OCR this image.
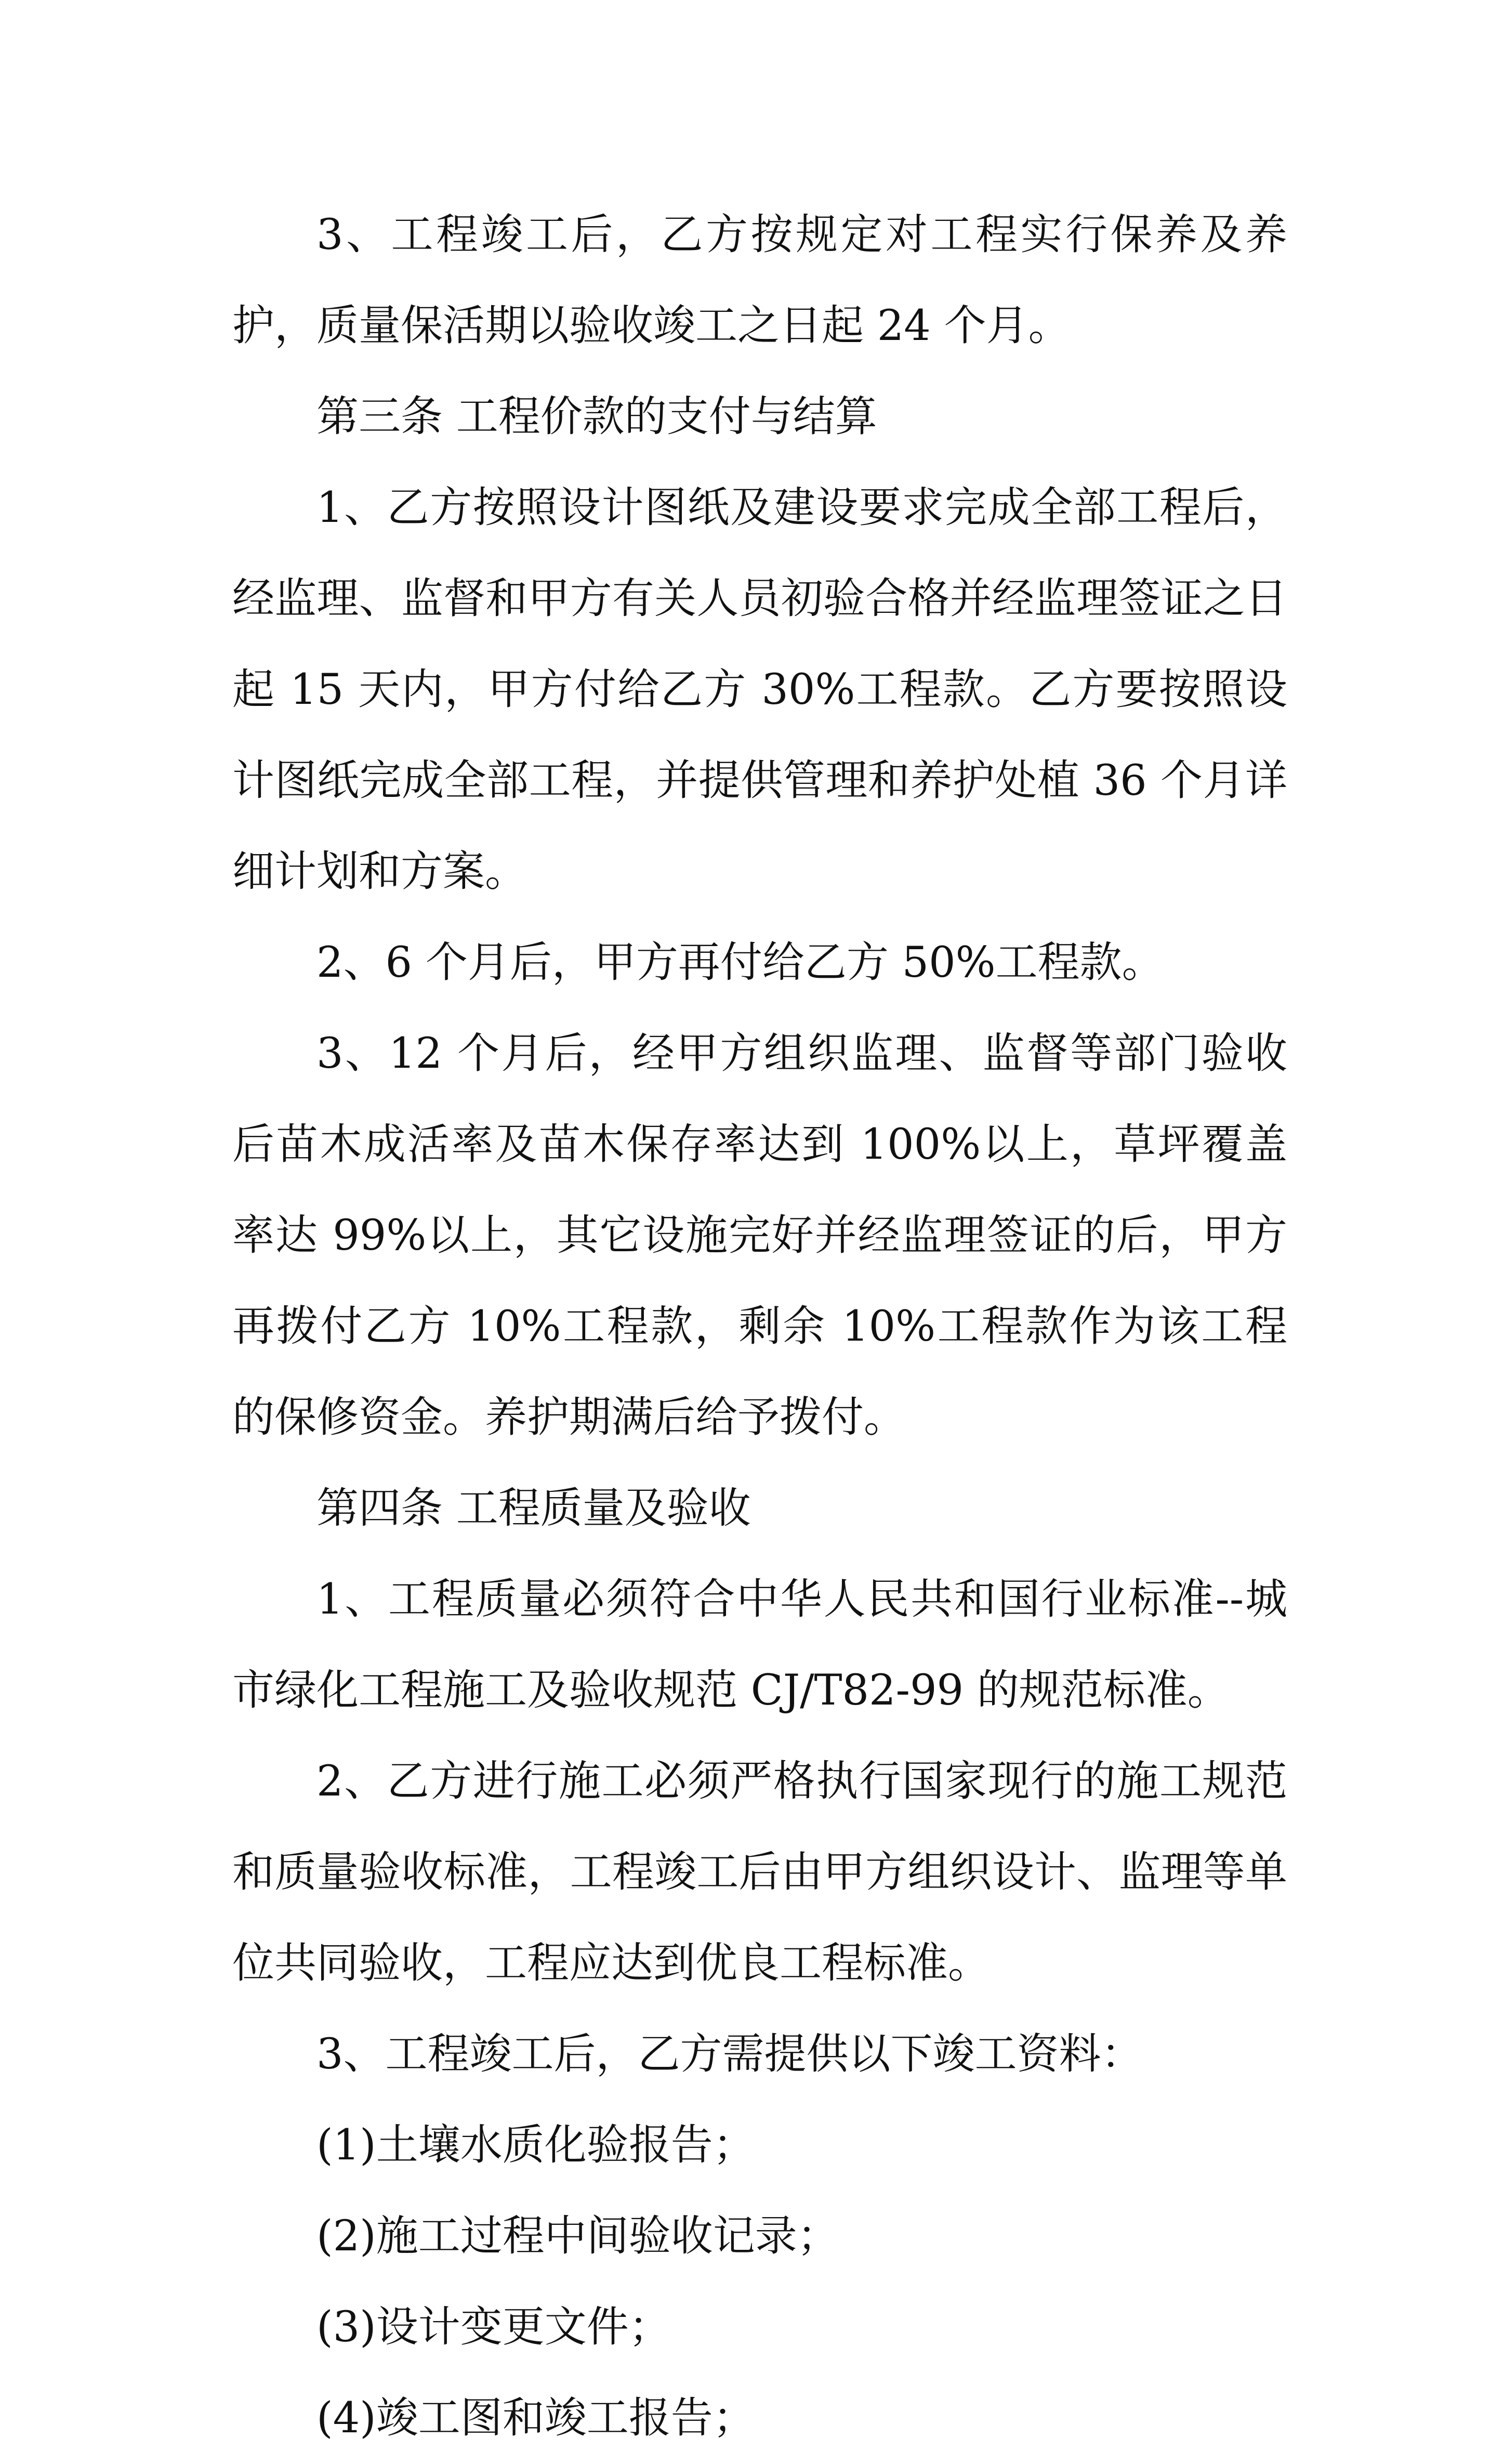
3、工程竣工后，乙方按规定对工程实行保养及养护，质量保活期以验收竣工之日起 24 个月。

第三条 工程价款的支付与结算

1、乙方按照设计图纸及建设要求完成全部工程后，经监理、监督和甲方有关人员初验合格并经监理签证之日起 15 天内，甲方付给乙方 30%工程款。乙方要按照设计图纸完成全部工程，并提供管理和养护处植 36 个月详细计划和方案。

2、6 个月后，甲方再付给乙方 50%工程款。

3、12 个月后，经甲方组织监理、监督等部门验收后苗木成活率及苗木保存率达到 100%以上，草坪覆盖率达 99%以上，其它设施完好并经监理签证的后，甲方再拨付乙方 10%工程款，剩余 10%工程款作为该工程的保修资金。养护期满后给予拨付。

第四条 工程质量及验收

1、工程质量必须符合中华人民共和国行业标准--城市绿化工程施工及验收规范 CJ/T82-99 的规范标准。

2、乙方进行施工必须严格执行国家现行的施工规范和质量验收标准，工程竣工后由甲方组织设计、监理等单位共同验收，工程应达到优良工程标准。

3、工程竣工后，乙方需提供以下竣工资料：

(1)土壤水质化验报告；

(2)施工过程中间验收记录；

(3)设计变更文件；

(4)竣工图和竣工报告；
